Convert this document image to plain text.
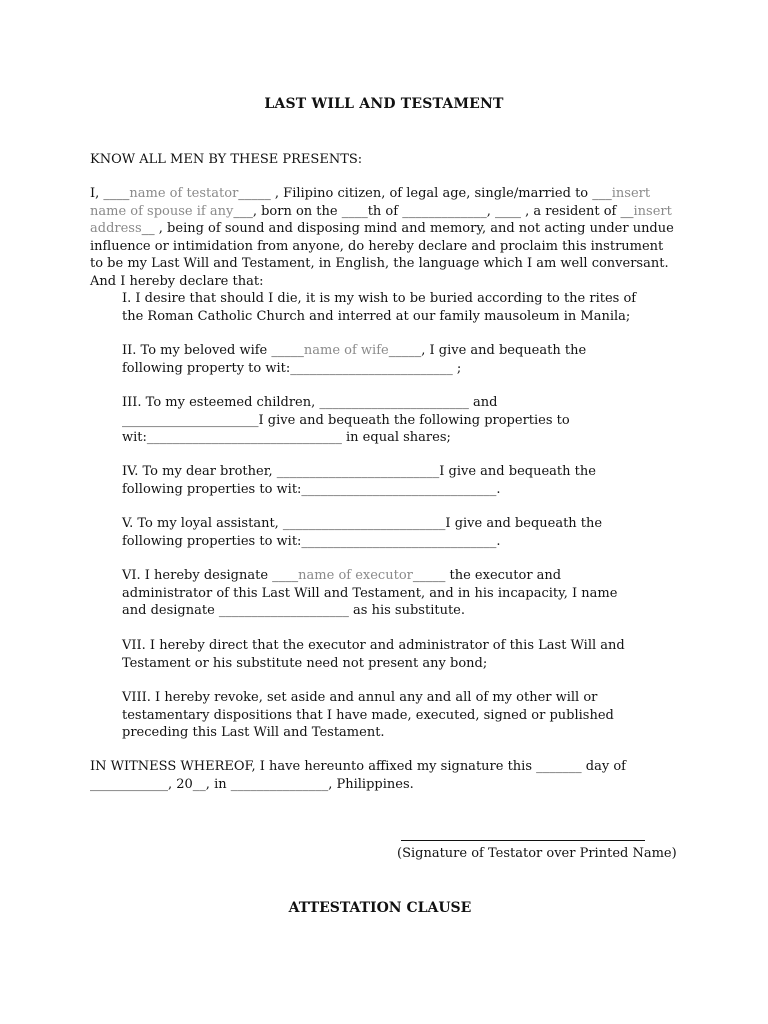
LAST WILL AND TESTAMENT

KNOW ALL MEN BY THESE PRESENTS:

I, ____name of testator_____ , Filipino citizen, of legal age, single/married to ___insert name of spouse if any___, born on the ____th of _____________, ____ , a resident of __insert address__ , being of sound and disposing mind and memory, and not acting under undue influence or intimidation from anyone, do hereby declare and proclaim this instrument to be my Last Will and Testament, in English, the language which I am well conversant. And I hereby declare that:

I. I desire that should I die, it is my wish to be buried according to the rites of the Roman Catholic Church and interred at our family mausoleum in Manila;

II. To my beloved wife _____name of wife_____, I give and bequeath the following property to wit:_________________________ ;

III. To my esteemed children, _______________________ and _____________________I give and bequeath the following properties to wit:______________________________ in equal shares;

IV. To my dear brother, _________________________I give and bequeath the following properties to wit:______________________________.

V. To my loyal assistant, _________________________I give and bequeath the following properties to wit:______________________________.

VI. I hereby designate ____name of executor_____ the executor and administrator of this Last Will and Testament, and in his incapacity, I name and designate ____________________ as his substitute.

VII. I hereby direct that the executor and administrator of this Last Will and Testament or his substitute need not present any bond;

VIII. I hereby revoke, set aside and annul any and all of my other will or testamentary dispositions that I have made, executed, signed or published preceding this Last Will and Testament.

IN WITNESS WHEREOF, I have hereunto affixed my signature this _______ day of ____________, 20__, in _______________, Philippines.

(Signature of Testator over Printed Name)
ATTESTATION CLAUSE
